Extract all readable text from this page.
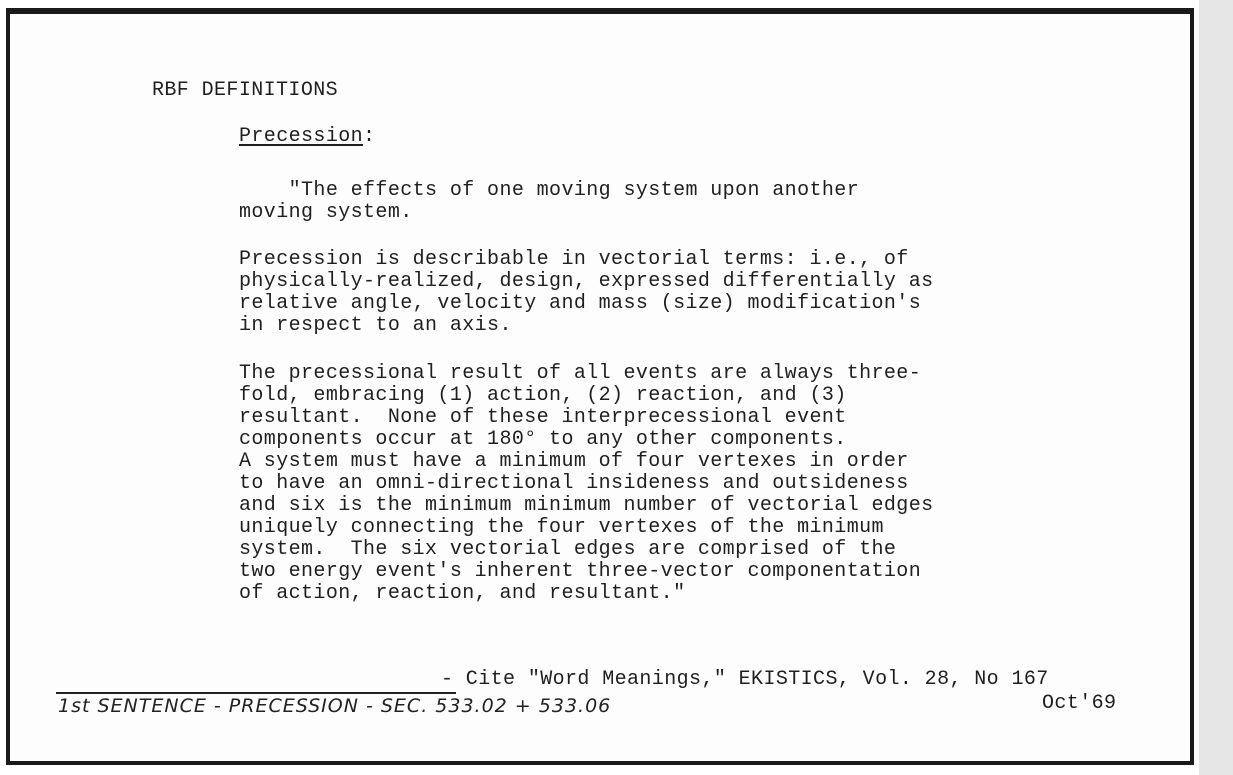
RBF DEFINITIONS
Precession:
"The effects of one moving system upon another
moving system.
Precession is describable in vectorial terms: i.e., of
physically-realized, design, expressed differentially as
relative angle, velocity and mass (size) modification's
in respect to an axis.
The precessional result of all events are always three-
fold, embracing (1) action, (2) reaction, and (3)
resultant.  None of these interprecessional event
components occur at 180° to any other components.
A system must have a minimum of four vertexes in order
to have an omni-directional insideness and outsideness
and six is the minimum minimum number of vectorial edges
uniquely connecting the four vertexes of the minimum
system.  The six vectorial edges are comprised of the
two energy event's inherent three-vector componentation
of action, reaction, and resultant."
- Cite "Word Meanings," EKISTICS, Vol. 28, No 167
Oct'69
1st SENTENCE - PRECESSION - SEC. 533.02 + 533.06
